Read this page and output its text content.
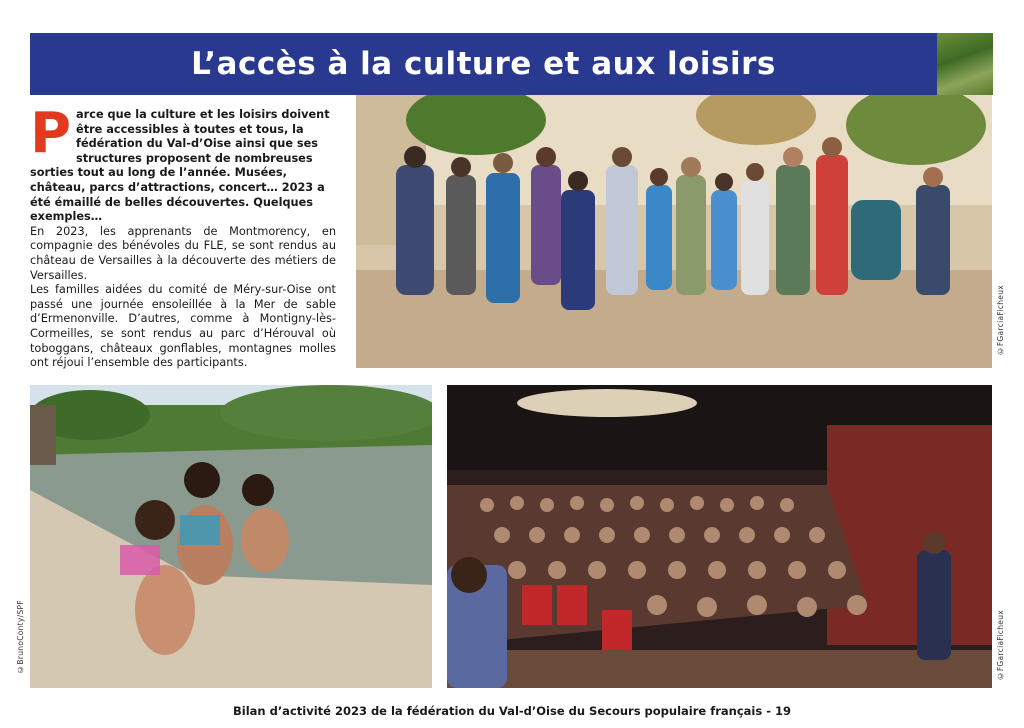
L’accès à la culture et aux loisirs

Parce que la culture et les loisirs doivent être accessibles à toutes et tous, la fédération du Val-d’Oise ainsi que ses structures proposent de nombreuses sorties tout au long de l’année. Musées, château, parcs d’attractions, concert… 2023 a été émaillé de belles découvertes. Quelques exemples…

En 2023, les apprenants de Montmorency, en compagnie des bénévoles du FLE, se sont rendus au château de Versailles à la découverte des métiers de Versailles.

Les familles aidées du comité de Méry-sur-Oise ont passé une journée ensoleillée à la Mer de sable d’Ermenonville. D’autres, comme à Montigny-lès-Cormeilles, se sont rendus au parc d’Hérouval où toboggans, châteaux gonflables, montagnes molles ont réjoui l’ensemble des participants.

©FGarciaFicheux
©BrunoConty/SPF	©FGarciaFicheux
Bilan d’activité 2023 de la fédération du Val-d’Oise du Secours populaire français - 19
